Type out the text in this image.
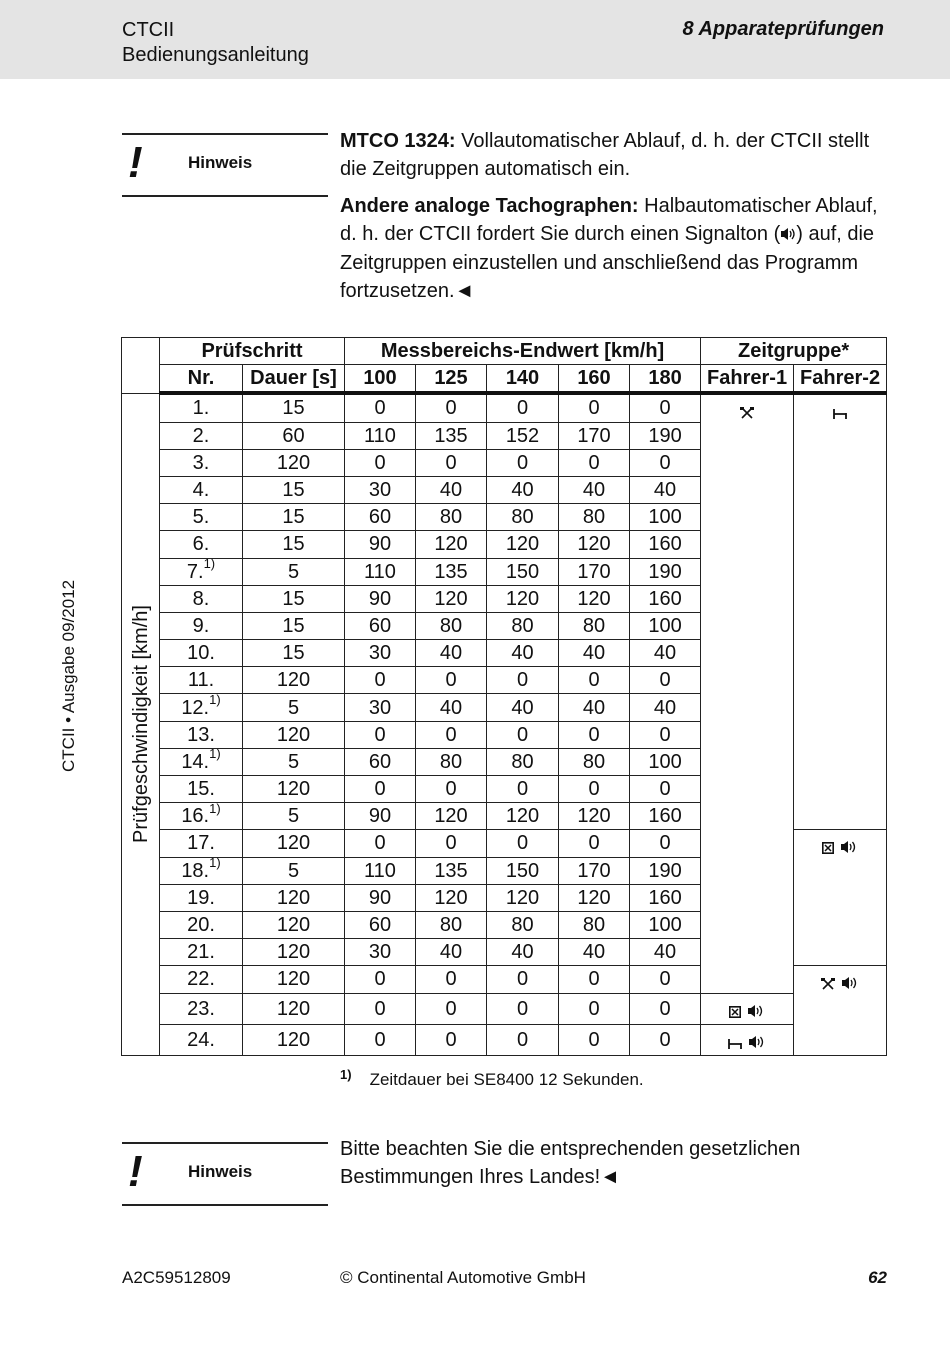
CTCII
Bedienungsanleitung
8 Apparateprüfungen
CTCII • Ausgabe 09/2012
!	Hinweis
MTCO 1324: Vollautomatischer Ablauf, d. h. der CTCII stellt die Zeitgruppen automatisch ein.
Andere analoge Tachographen: Halbautomatischer Ablauf, d. h. der CTCII fordert Sie durch einen Signalton ( ) auf, die Zeitgruppen einzustellen und anschließend das Programm fortzusetzen.◄
	Prüfschritt		Messbereichs-Endwert [km/h]					Zeitgruppe*	
	Nr.	Dauer [s]	100	125	140	160	180	Fahrer-1	Fahrer-2

Prüfgeschwindigkeit [km/h]	1.	15	0	0	0	0	0		
	2.	60	110	135	152	170	190		
	3.	120	0	0	0	0	0		
	4.	15	30	40	40	40	40		
	5.	15	60	80	80	80	100		
	6.	15	90	120	120	120	160		
	7.$^{1)}$	5	110	135	150	170	190		
	8.	15	90	120	120	120	160		
	9.	15	60	80	80	80	100		
	10.	15	30	40	40	40	40		
	11.	120	0	0	0	0	0		
	12.$^{1)}$	5	30	40	40	40	40		
	13.	120	0	0	0	0	0		
	14.$^{1)}$	5	60	80	80	80	100		
	15.	120	0	0	0	0	0		
	16.$^{1)}$	5	90	120	120	120	160		
	17.	120	0	0	0	0	0	
	18.$^{1)}$	5	110	135	150	170	190		
	19.	120	90	120	120	120	160		
	20.	120	60	80	80	80	100		
	21.	120	30	40	40	40	40		
	22.	120	0	0	0	0	0	
	23.	120	0	0	0	0	0	
	24.	120	0	0	0	0	0	
$^{1)}$ Zeitdauer bei SE8400 12 Sekunden.
!	Hinweis
Bitte beachten Sie die entsprechenden gesetzlichen Bestimmungen Ihres Landes!◄
A2C59512809	© Continental Automotive GmbH	62
